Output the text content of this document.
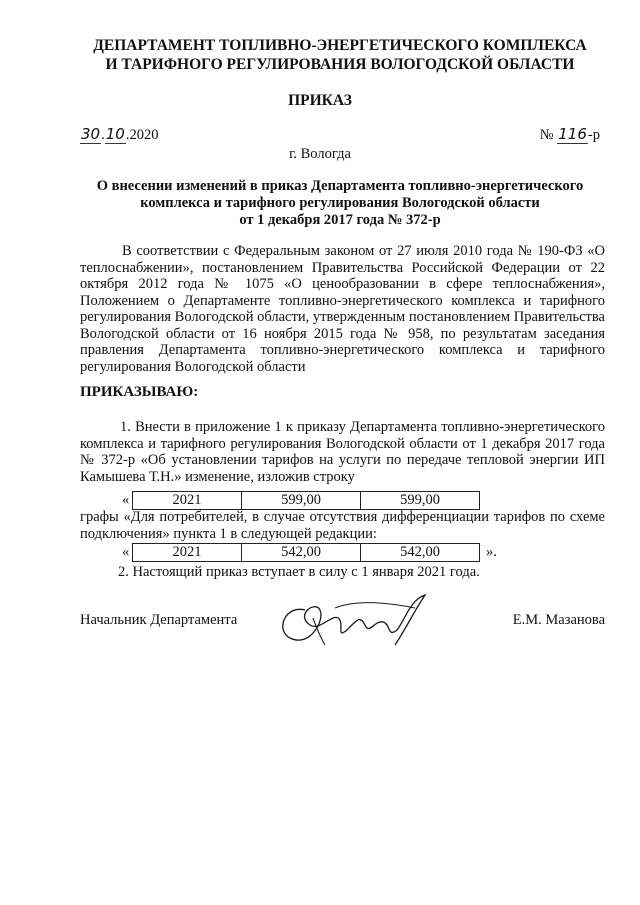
ДЕПАРТАМЕНТ ТОПЛИВНО-ЭНЕРГЕТИЧЕСКОГО КОМПЛЕКСА
И ТАРИФНОГО РЕГУЛИРОВАНИЯ ВОЛОГОДСКОЙ ОБЛАСТИ
ПРИКАЗ
30.10.2020	№ 116-р
г. Вологда
О внесении изменений в приказ Департамента топливно-энергетического
комплекса и тарифного регулирования Вологодской области
от 1 декабря 2017 года № 372-р
В соответствии с Федеральным законом от 27 июля 2010 года № 190-ФЗ «О теплоснабжении», постановлением Правительства Российской Федерации от 22 октября 2012 года № 1075 «О ценообразовании в сфере теплоснабжения», Положением о Департаменте топливно-энергетического комплекса и тарифного регулирования Вологодской области, утвержденным постановлением Правительства Вологодской области от 16 ноября 2015 года № 958, по результатам заседания правления Департамента топливно-энергетического комплекса и тарифного регулирования Вологодской области
ПРИКАЗЫВАЮ:
1. Внести в приложение 1 к приказу Департамента топливно-энергетического комплекса и тарифного регулирования Вологодской области от 1 декабря 2017 года № 372-р «Об установлении тарифов на услуги по передаче тепловой энергии ИП Камышева Т.Н.» изменение, изложив строку
«	2021	599,00	599,00
графы «Для потребителей, в случае отсутствия дифференциации тарифов по схеме подключения» пункта 1 в следующей редакции:
«	2021	542,00	542,00	».
2. Настоящий приказ вступает в силу с 1 января 2021 года.
Начальник Департамента	Е.М. Мазанова
